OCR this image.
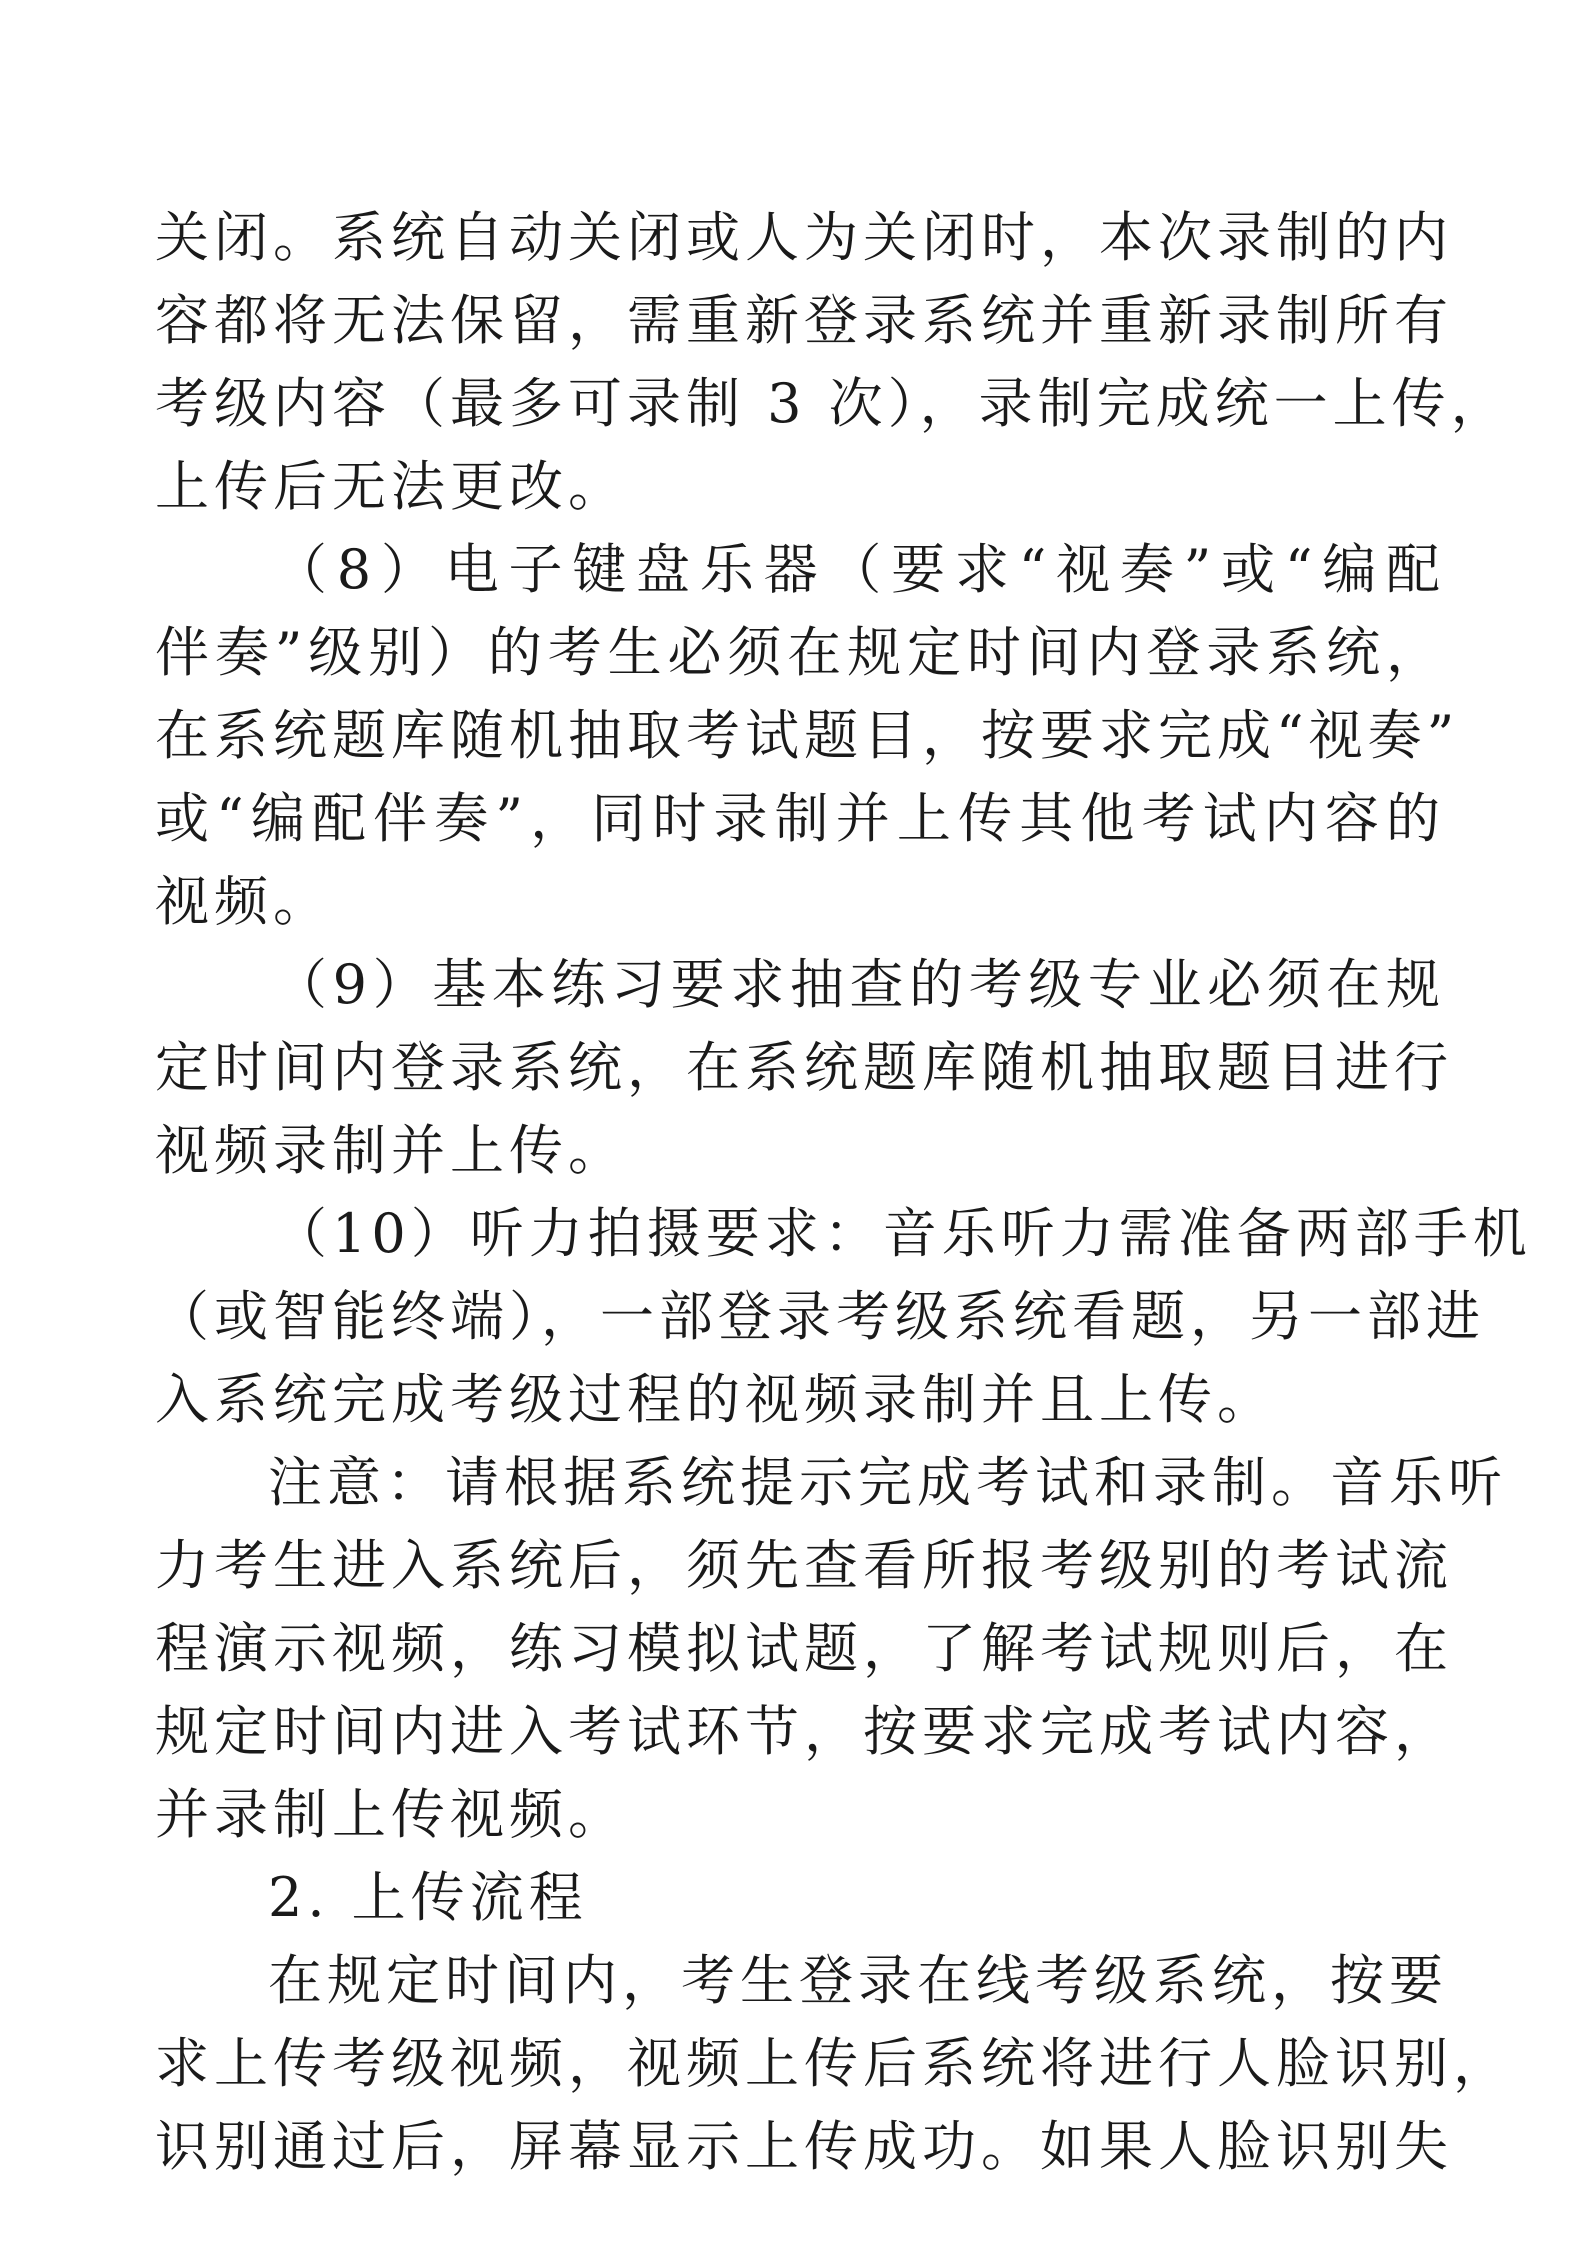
关闭。系统自动关闭或人为关闭时，本次录制的内
容都将无法保留，需重新登录系统并重新录制所有
考级内容（最多可录制 3 次），录制完成统一上传，
上传后无法更改。
（8）电子键盘乐器（要求“视奏”或“编配
伴奏”级别）的考生必须在规定时间内登录系统，
在系统题库随机抽取考试题目，按要求完成“视奏”
或“编配伴奏”，同时录制并上传其他考试内容的
视频。
（9）基本练习要求抽查的考级专业必须在规
定时间内登录系统，在系统题库随机抽取题目进行
视频录制并上传。
（10）听力拍摄要求：音乐听力需准备两部手机
（或智能终端），一部登录考级系统看题，另一部进
入系统完成考级过程的视频录制并且上传。
注意：请根据系统提示完成考试和录制。音乐听
力考生进入系统后，须先查看所报考级别的考试流
程演示视频，练习模拟试题，了解考试规则后，在
规定时间内进入考试环节，按要求完成考试内容，
并录制上传视频。
2. 上传流程
在规定时间内，考生登录在线考级系统，按要
求上传考级视频，视频上传后系统将进行人脸识别，
识别通过后，屏幕显示上传成功。如果人脸识别失
